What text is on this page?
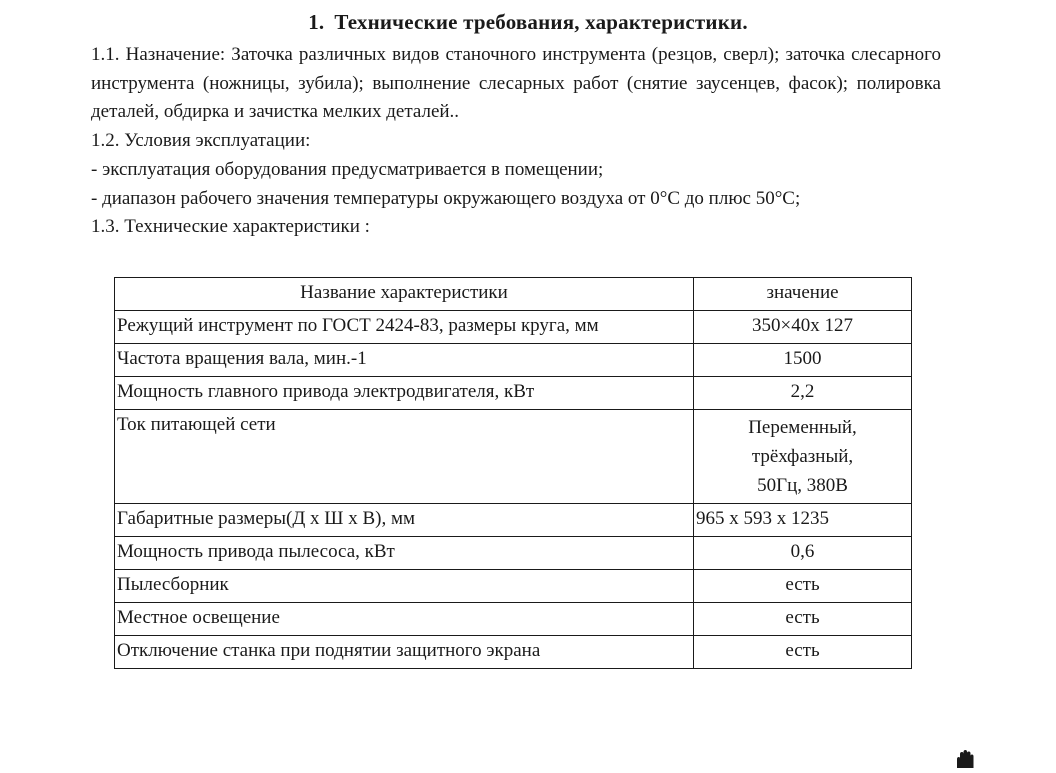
1. Технические требования, характеристики.
1.1. Назначение: Заточка различных видов станочного инструмента (резцов, сверл); заточка слесарного инструмента (ножницы, зубила); выполнение слесарных работ (снятие заусенцев, фасок); полировка деталей, обдирка и зачистка мелких деталей..
1.2. Условия эксплуатации:
- эксплуатация оборудования предусматривается в помещении;
- диапазон рабочего значения температуры окружающего воздуха от 0°С до плюс 50°С;
1.3. Технические характеристики :
Название характеристики	значение
Режущий инструмент по ГОСТ 2424-83, размеры круга, мм	350×40х 127
Частота вращения вала, мин.-1	1500
Мощность главного привода электродвигателя, кВт	2,2
Ток питающей сети	Переменный,
трёхфазный,
50Гц, 380В

Габаритные размеры(Д х Ш х В), мм	965 х 593 х 1235
Мощность привода пылесоса, кВт	0,6
Пылесборник	есть
Местное освещение	есть
Отключение станка при поднятии защитного экрана	есть
